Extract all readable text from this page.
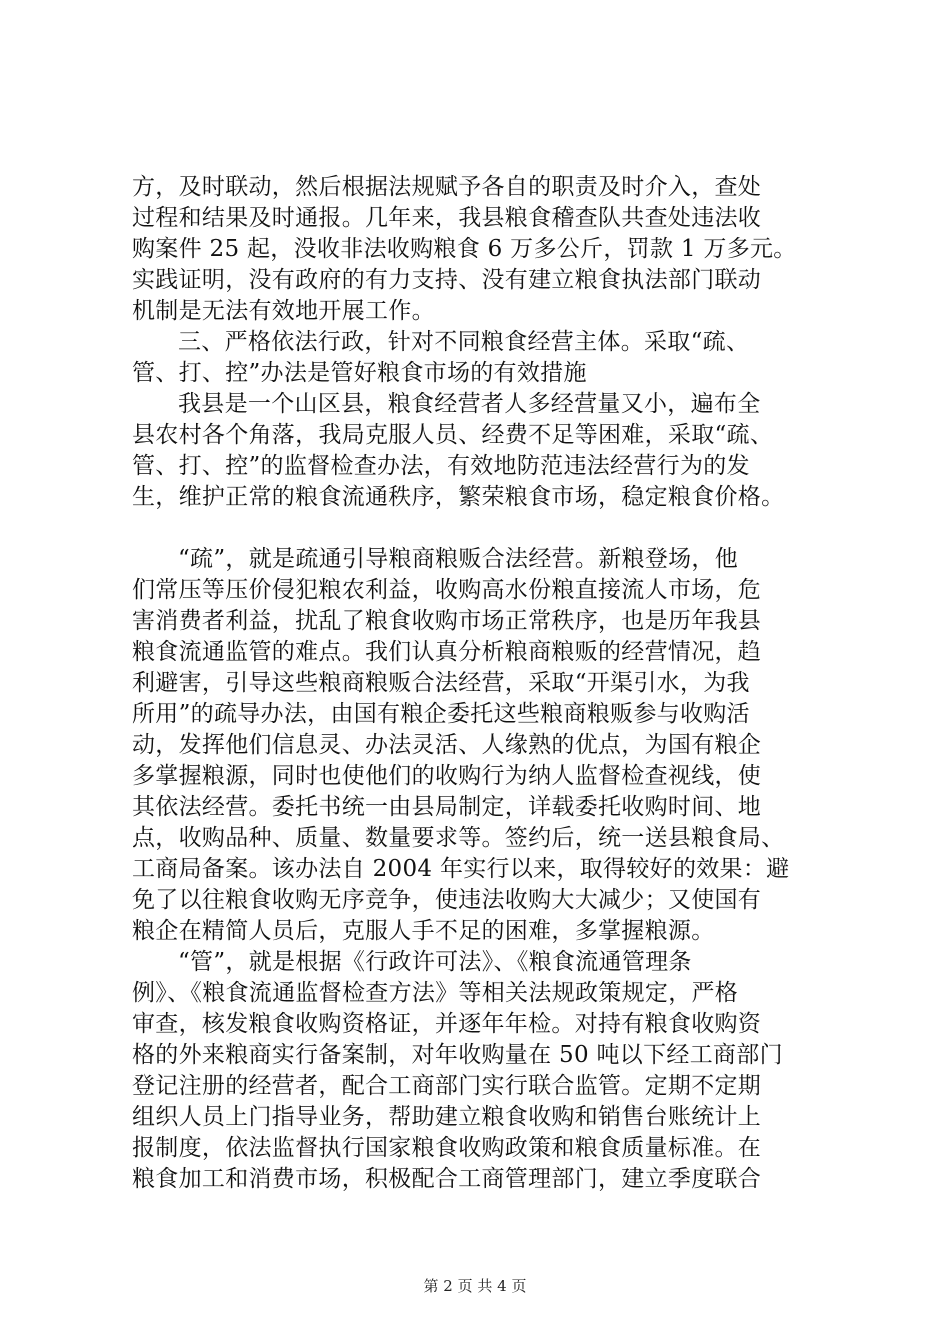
方，及时联动，然后根据法规赋予各自的职责及时介入，查处
过程和结果及时通报。几年来，我县粮食稽查队共查处违法收
购案件 25 起，没收非法收购粮食 6 万多公斤，罚款 1 万多元。
实践证明，没有政府的有力支持、没有建立粮食执法部门联动
机制是无法有效地开展工作。
三、严格依法行政，针对不同粮食经营主体。采取“疏、
管、打、控”办法是管好粮食市场的有效措施
我县是一个山区县，粮食经营者人多经营量又小，遍布全
县农村各个角落，我局克服人员、经费不足等困难，采取“疏、
管、打、控”的监督检查办法，有效地防范违法经营行为的发
生，维护正常的粮食流通秩序，繁荣粮食市场，稳定粮食价格。
“疏”，就是疏通引导粮商粮贩合法经营。新粮登场，他
们常压等压价侵犯粮农利益，收购高水份粮直接流人市场，危
害消费者利益，扰乱了粮食收购市场正常秩序，也是历年我县
粮食流通监管的难点。我们认真分析粮商粮贩的经营情况，趋
利避害，引导这些粮商粮贩合法经营，采取“开渠引水，为我
所用”的疏导办法，由国有粮企委托这些粮商粮贩参与收购活
动，发挥他们信息灵、办法灵活、人缘熟的优点，为国有粮企
多掌握粮源，同时也使他们的收购行为纳人监督检查视线，使
其依法经营。委托书统一由县局制定，详载委托收购时间、地
点，收购品种、质量、数量要求等。签约后，统一送县粮食局、
工商局备案。该办法自 2004 年实行以来，取得较好的效果：避
免了以往粮食收购无序竞争，使违法收购大大减少；又使国有
粮企在精简人员后，克服人手不足的困难，多掌握粮源。
“管”，就是根据《行政许可法》、《粮食流通管理条
例》、《粮食流通监督检查方法》等相关法规政策规定，严格
审查，核发粮食收购资格证，并逐年年检。对持有粮食收购资
格的外来粮商实行备案制，对年收购量在 50 吨以下经工商部门
登记注册的经营者，配合工商部门实行联合监管。定期不定期
组织人员上门指导业务，帮助建立粮食收购和销售台账统计上
报制度，依法监督执行国家粮食收购政策和粮食质量标准。在
粮食加工和消费市场，积极配合工商管理部门，建立季度联合
第 2 页 共 4 页
